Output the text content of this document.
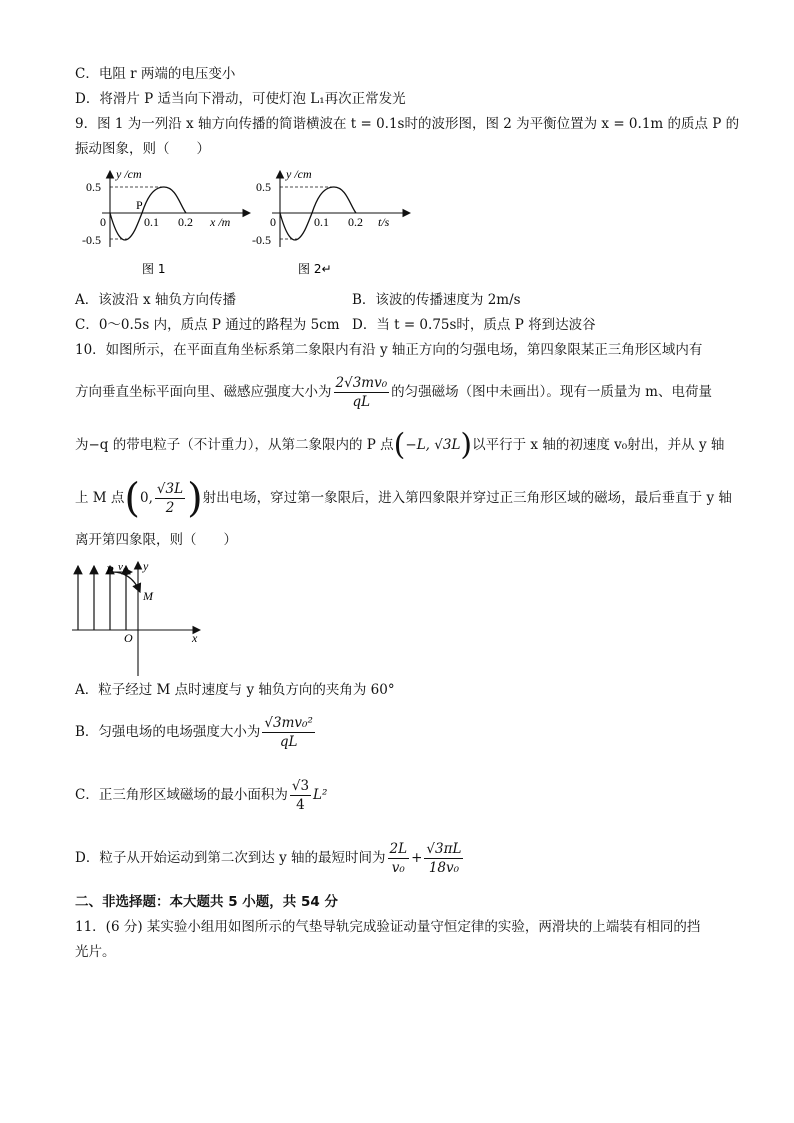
C．电阻 r 两端的电压变小
D．将滑片 P 适当向下滑动，可使灯泡 L₁再次正常发光
9．图 1 为一列沿 x 轴方向传播的简谐横波在 t = 0.1s时的波形图，图 2 为平衡位置为 x = 0.1m 的质点 P 的
振动图象，则（　　）
y /cm
0.5
-0.5
0
P
0.1 0.2 x /m
图 1
y /cm
0.5
-0.5
0	0.1 0.2 t/s
图 2↵
A．该波沿 x 轴负方向传播	B．该波的传播速度为 2m/s
C．0～0.5s 内，质点 P 通过的路程为 5cm D．当 t = 0.75s时，质点 P 将到达波谷
10．如图所示，在平面直角坐标系第二象限内有沿 y 轴正方向的匀强电场，第四象限某正三角形区域内有
方向垂直坐标平面向里、磁感应强度大小为 $\frac{\text{2√3mv₀}}{qL}$ 的匀强磁场（图中未画出）。现有一质量为 m、电荷量
为−q 的带电粒子（不计重力），从第二象限内的 P 点(−L, √3L)以平行于 x 轴的初速度 v₀射出，并从 y 轴
上 M 点(0, $\frac{√3L}{2}$ )射出电场，穿过第一象限后，进入第四象限并穿过正三角形区域的磁场，最后垂直于 y 轴
离开第四象限，则（　　）
P v₀ y
M
O	x
A．粒子经过 M 点时速度与 y 轴负方向的夹角为 60°
B．匀强电场的电场强度大小为 $\frac{\text{√3mv₀²}}{qL}$
C．正三角形区域磁场的最小面积为 $\frac{√3}{4} L^2$
D．粒子从开始运动到第二次到达 y 轴的最短时间为 $\frac{2L}{\text{v₀}} + \frac{√3\pi L}{\text{18v₀}}$
二、非选择题：本大题共 5 小题，共 54 分
11．(6 分) 某实验小组用如图所示的气垫导轨完成验证动量守恒定律的实验，两滑块的上端装有相同的挡
光片。
